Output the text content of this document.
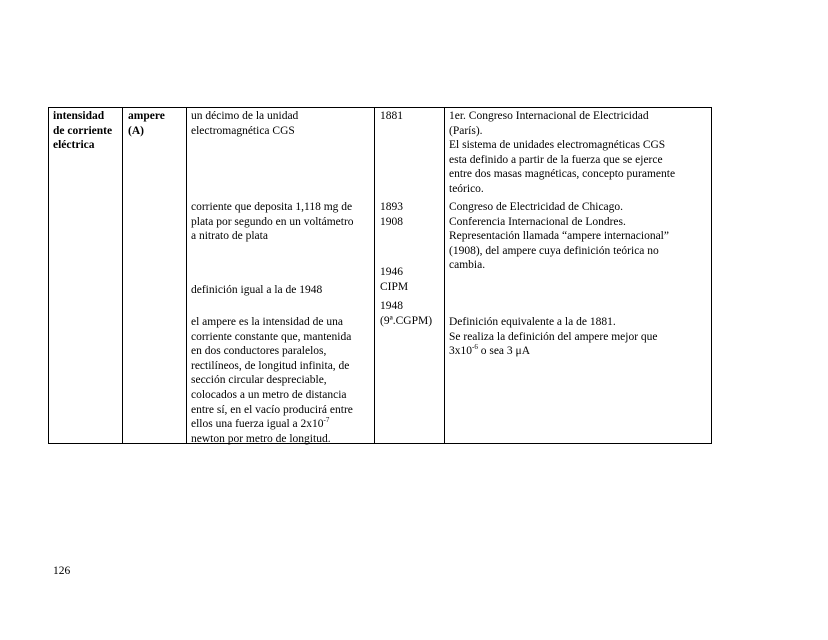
intensidad
de corriente
eléctrica
ampere
(A)
un décimo de la unidad
electromagnética CGS
1881	1er. Congreso Internacional de Electricidad
(París).
El sistema de unidades electromagnéticas CGS
esta definido a partir de la fuerza que se ejerce
entre dos masas magnéticas, concepto puramente
teórico.
corriente que deposita 1,118 mg de
plata por segundo en un voltámetro
a nitrato de plata
1893
1908
Congreso de Electricidad de Chicago.
Conferencia Internacional de Londres.
Representación llamada “ampere internacional”
(1908), del ampere cuya definición teórica no
cambia.
1946
CIPM
definición igual a la de 1948
1948
(9ª.CGPM)
el ampere es la intensidad de una
corriente constante que, mantenida
en dos conductores paralelos,
rectilíneos, de longitud infinita, de
sección circular despreciable,
colocados a un metro de distancia
entre sí, en el vacío producirá entre
ellos una fuerza igual a $2x10^{-7}$
newton por metro de longitud.
Definición equivalente a la de 1881.
Se realiza la definición del ampere mejor que
$3x10^{-6}$ o sea 3 μA
126
